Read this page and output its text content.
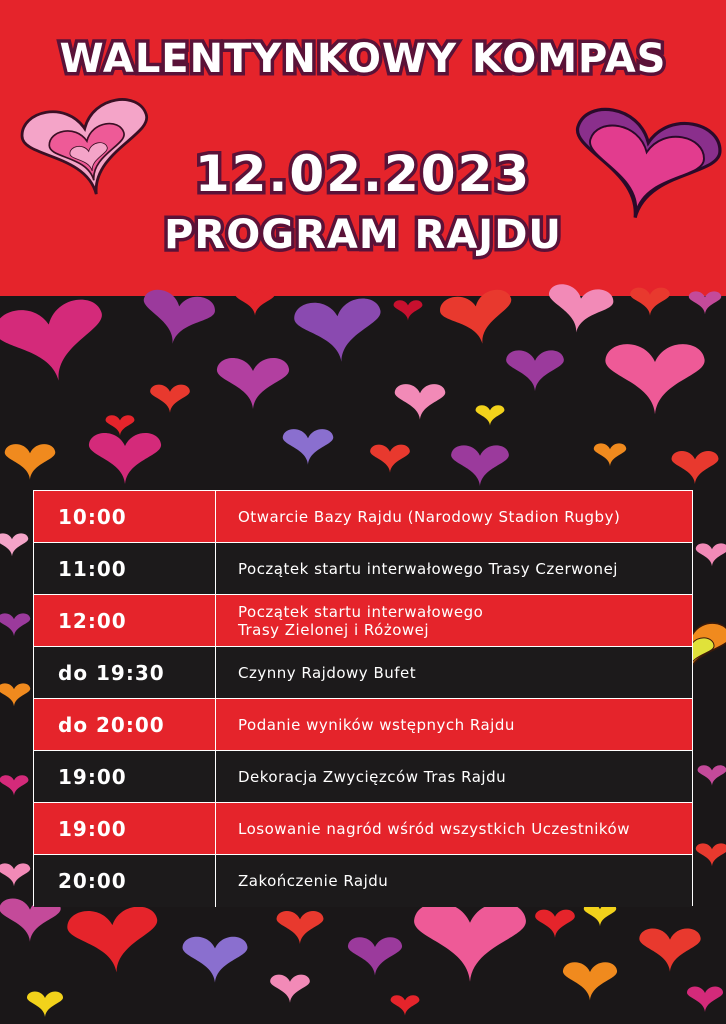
WALENTYNKOWY KOMPAS
12.02.2023
PROGRAM RAJDU
10:00	Otwarcie Bazy Rajdu (Narodowy Stadion Rugby)
11:00	Początek startu interwałowego Trasy Czerwonej
12:00	Początek startu interwałowego
Trasy Zielonej i Różowej
do 19:30	Czynny Rajdowy Bufet
do 20:00	Podanie wyników wstępnych Rajdu
19:00	Dekoracja Zwycięzców Tras Rajdu
19:00	Losowanie nagród wśród wszystkich Uczestników
20:00	Zakończenie Rajdu
